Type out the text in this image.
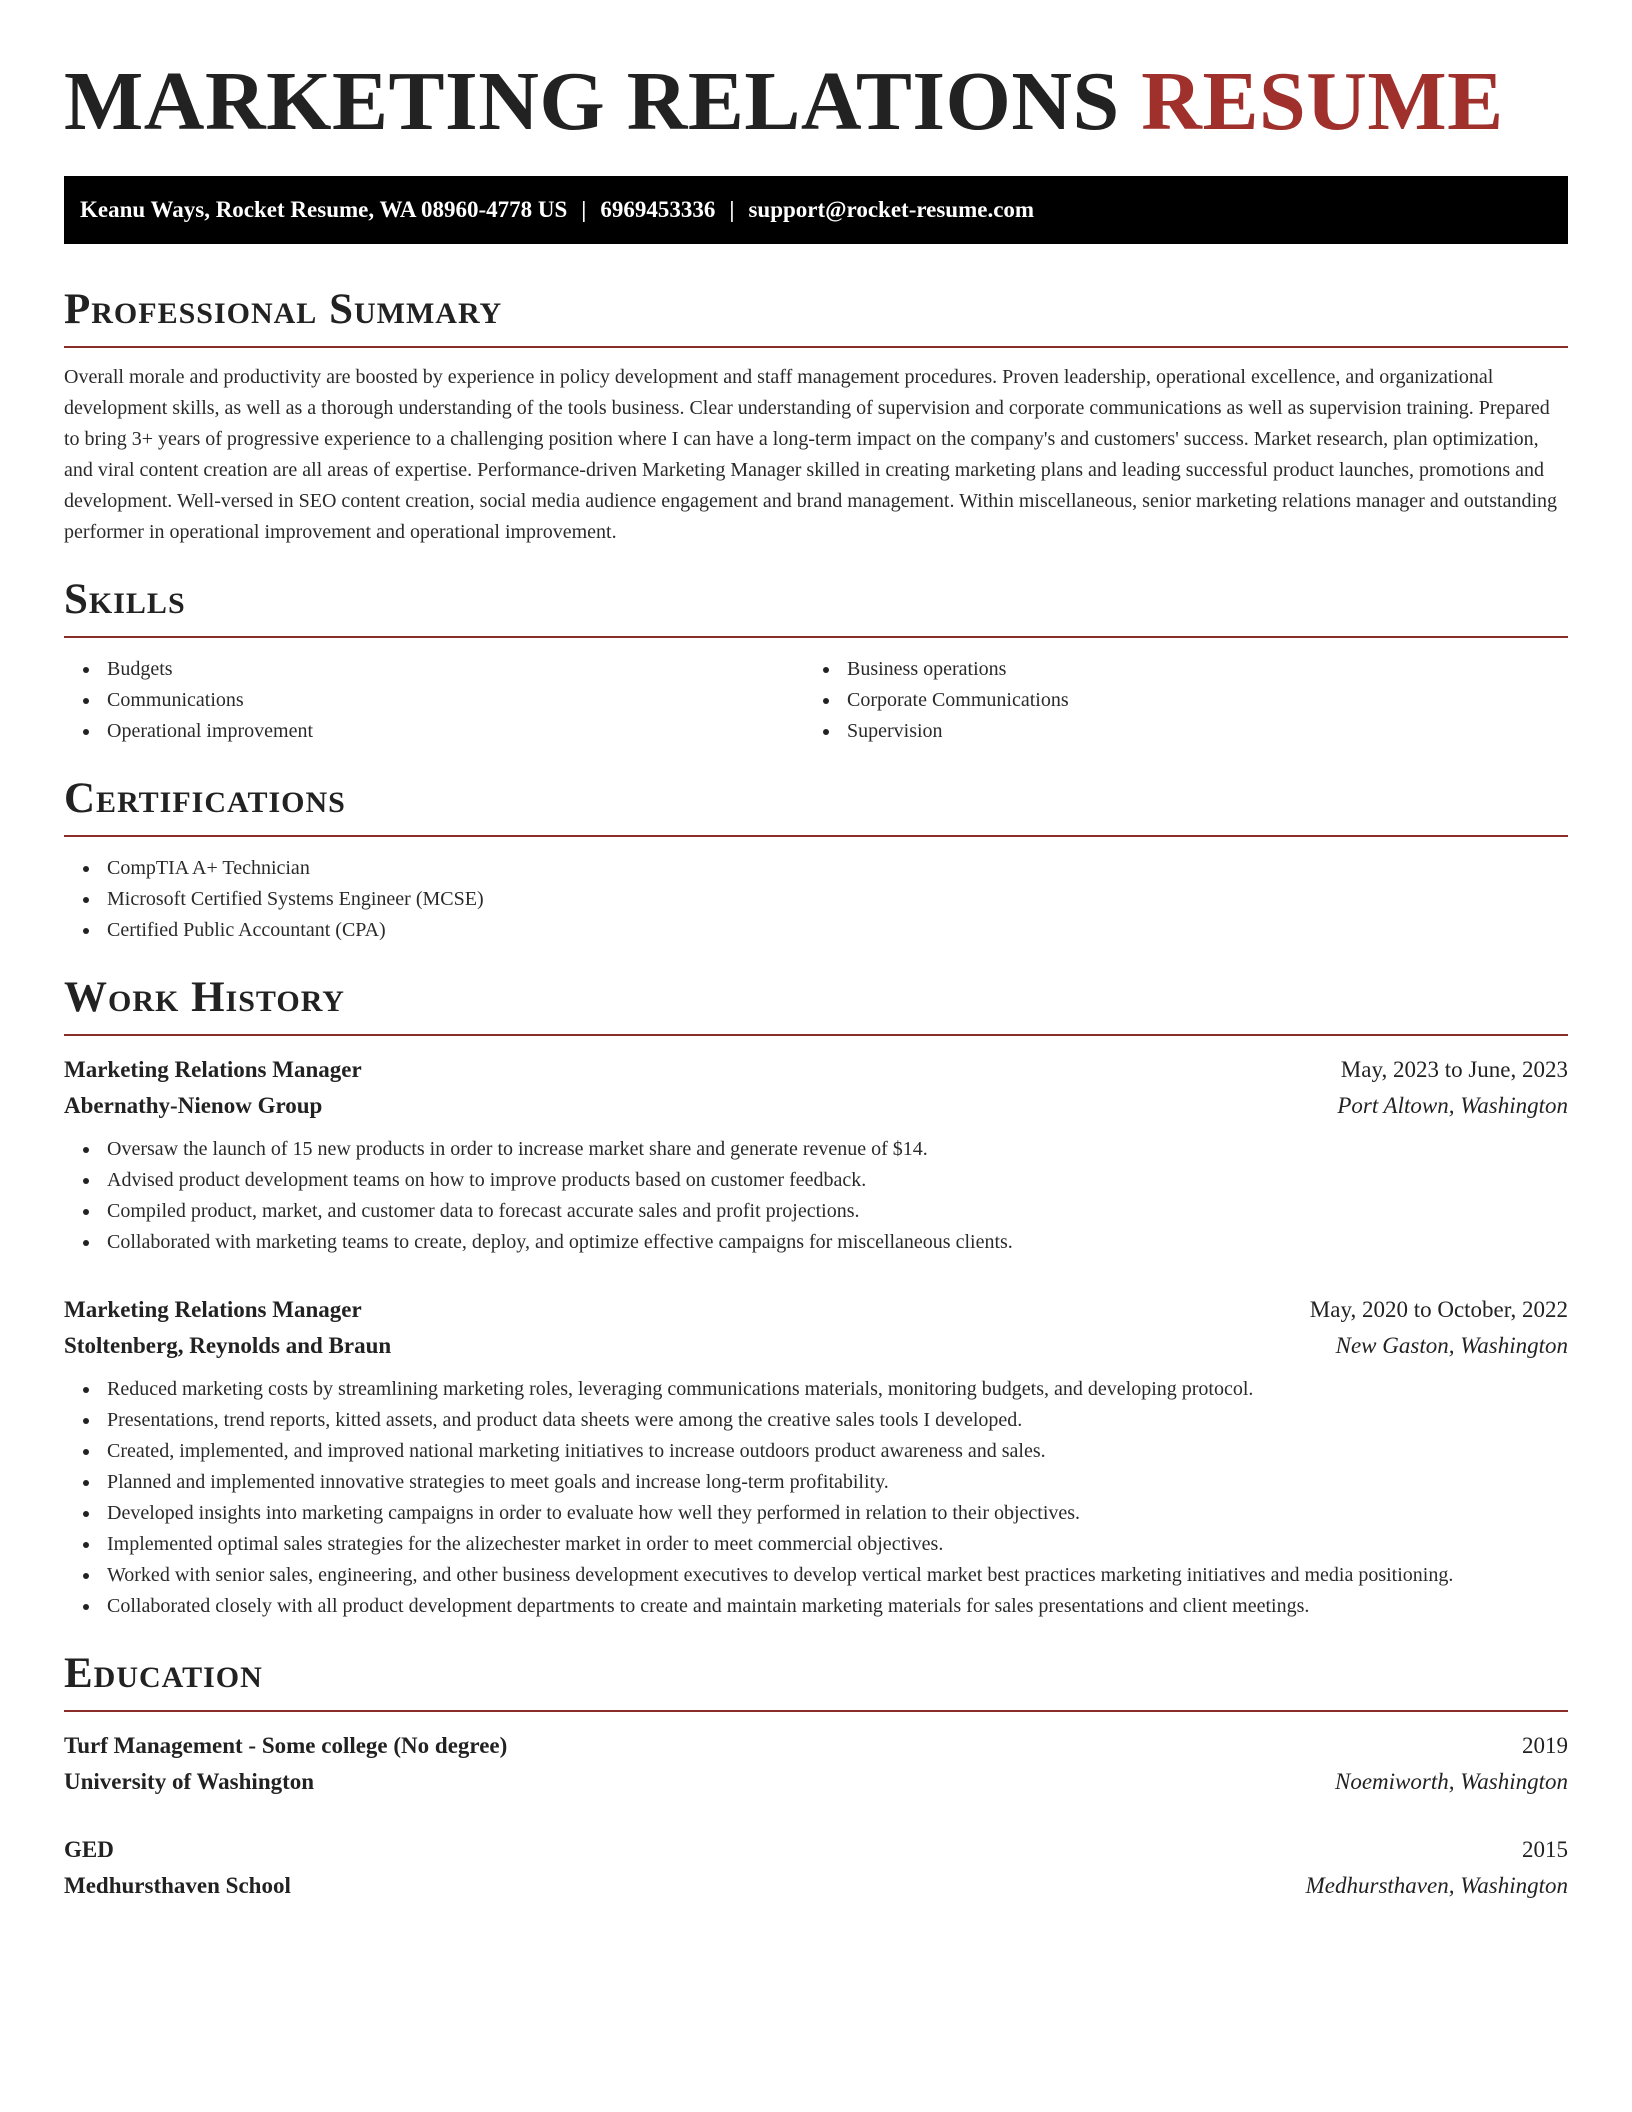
MARKETING RELATIONS RESUME
Keanu Ways, Rocket Resume, WA 08960-4778 US | 6969453336 | support@rocket-resume.com
Professional Summary

Overall morale and productivity are boosted by experience in policy development and staff management procedures. Proven leadership, operational excellence, and organizational development skills, as well as a thorough understanding of the tools business. Clear understanding of supervision and corporate communications as well as supervision training. Prepared to bring 3+ years of progressive experience to a challenging position where I can have a long-term impact on the company's and customers' success. Market research, plan optimization, and viral content creation are all areas of expertise. Performance-driven Marketing Manager skilled in creating marketing plans and leading successful product launches, promotions and development. Well-versed in SEO content creation, social media audience engagement and brand management. Within miscellaneous, senior marketing relations manager and outstanding performer in operational improvement and operational improvement.

Skills
Budgets
Communications
Operational improvement
Business operations
Corporate Communications
Supervision
Certifications
CompTIA A+ Technician
Microsoft Certified Systems Engineer (MCSE)
Certified Public Accountant (CPA)
Work History
Marketing Relations Manager	May, 2023 to June, 2023
Abernathy-Nienow Group	Port Altown, Washington
Oversaw the launch of 15 new products in order to increase market share and generate revenue of $14.
Advised product development teams on how to improve products based on customer feedback.
Compiled product, market, and customer data to forecast accurate sales and profit projections.
Collaborated with marketing teams to create, deploy, and optimize effective campaigns for miscellaneous clients.
Marketing Relations Manager	May, 2020 to October, 2022
Stoltenberg, Reynolds and Braun	New Gaston, Washington
Reduced marketing costs by streamlining marketing roles, leveraging communications materials, monitoring budgets, and developing protocol.
Presentations, trend reports, kitted assets, and product data sheets were among the creative sales tools I developed.
Created, implemented, and improved national marketing initiatives to increase outdoors product awareness and sales.
Planned and implemented innovative strategies to meet goals and increase long-term profitability.
Developed insights into marketing campaigns in order to evaluate how well they performed in relation to their objectives.
Implemented optimal sales strategies for the alizechester market in order to meet commercial objectives.
Worked with senior sales, engineering, and other business development executives to develop vertical market best practices marketing initiatives and media positioning.
Collaborated closely with all product development departments to create and maintain marketing materials for sales presentations and client meetings.
Education
Turf Management - Some college (No degree)	2019
University of Washington	Noemiworth, Washington
GED	2015
Medhursthaven School	Medhursthaven, Washington
